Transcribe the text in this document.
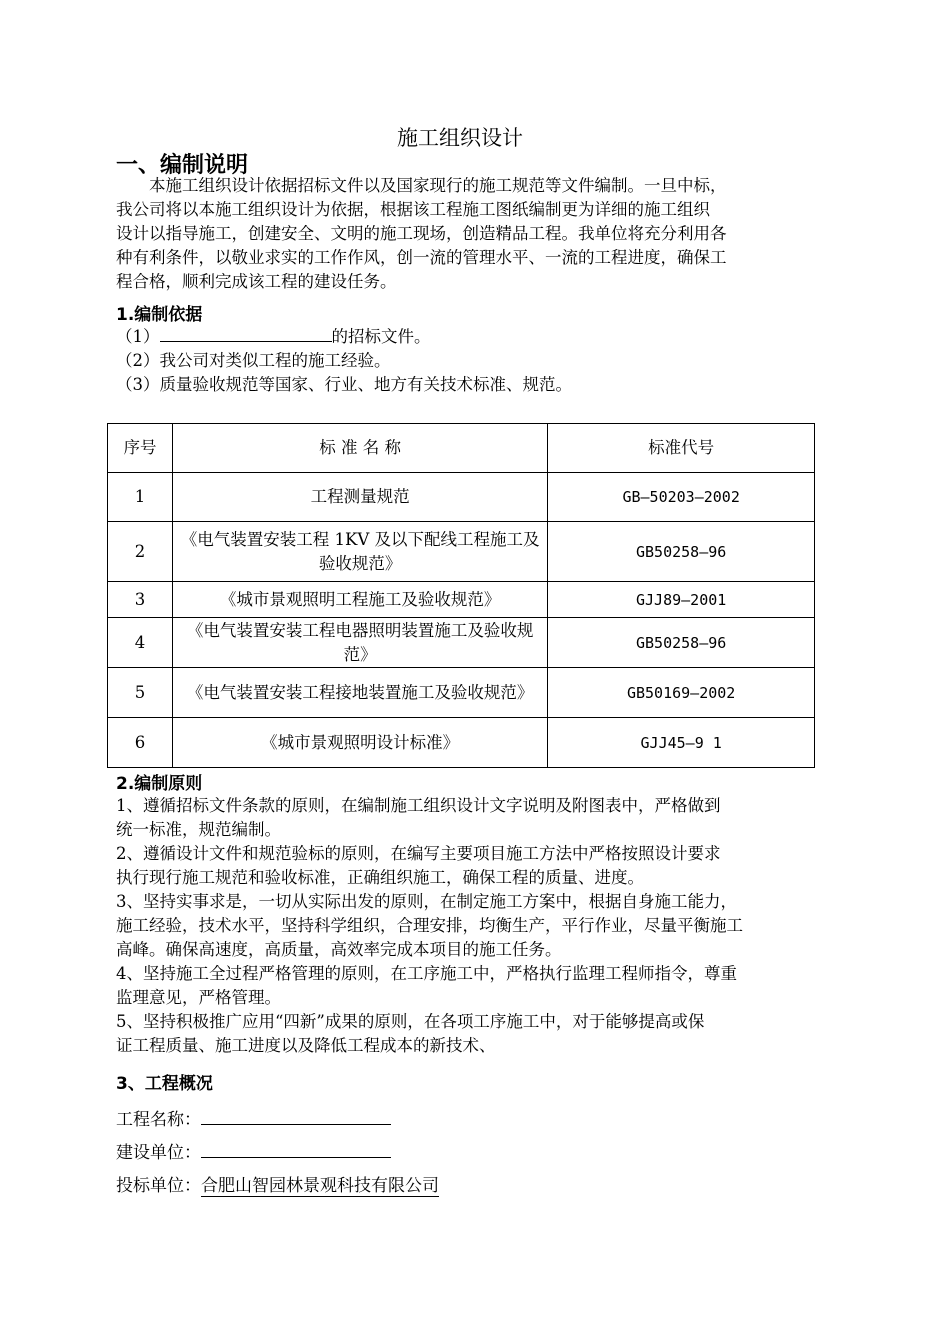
施工组织设计
一、编制说明
本施工组织设计依据招标文件以及国家现行的施工规范等文件编制。一旦中标，
我公司将以本施工组织设计为依据，根据该工程施工图纸编制更为详细的施工组织
设计以指导施工，创建安全、文明的施工现场，创造精品工程。我单位将充分利用各
种有利条件，以敬业求实的工作作风，创一流的管理水平、一流的工程进度，确保工
程合格，顺利完成该工程的建设任务。
1.编制依据
（1）	的招标文件。
（2）我公司对类似工程的施工经验。
（3）质量验收规范等国家、行业、地方有关技术标准、规范。
序号	标 准 名 称	标准代号
1	工程测量规范	GB—50203—2002
2	《电气装置安装工程 1KV 及以下配线工程施工及验收规范》	GB50258—96
3	《城市景观照明工程施工及验收规范》	GJJ89—2001
4	《电气装置安装工程电器照明装置施工及验收规范》	GB50258—96
5	《电气装置安装工程接地装置施工及验收规范》	GB50169—2002
6	《城市景观照明设计标准》	GJJ45—9 1
2.编制原则
1、遵循招标文件条款的原则，在编制施工组织设计文字说明及附图表中，严格做到
统一标准，规范编制。
2、遵循设计文件和规范验标的原则，在编写主要项目施工方法中严格按照设计要求
执行现行施工规范和验收标准，正确组织施工，确保工程的质量、进度。
3、坚持实事求是，一切从实际出发的原则，在制定施工方案中，根据自身施工能力，
施工经验，技术水平，坚持科学组织，合理安排，均衡生产，平行作业，尽量平衡施工
高峰。确保高速度，高质量，高效率完成本项目的施工任务。
4、坚持施工全过程严格管理的原则，在工序施工中，严格执行监理工程师指令，尊重
监理意见，严格管理。
5、坚持积极推广应用“四新”成果的原则，在各项工序施工中，对于能够提高或保
证工程质量、施工进度以及降低工程成本的新技术、
3、工程概况
工程名称：
建设单位：
投标单位：合肥山智园林景观科技有限公司
